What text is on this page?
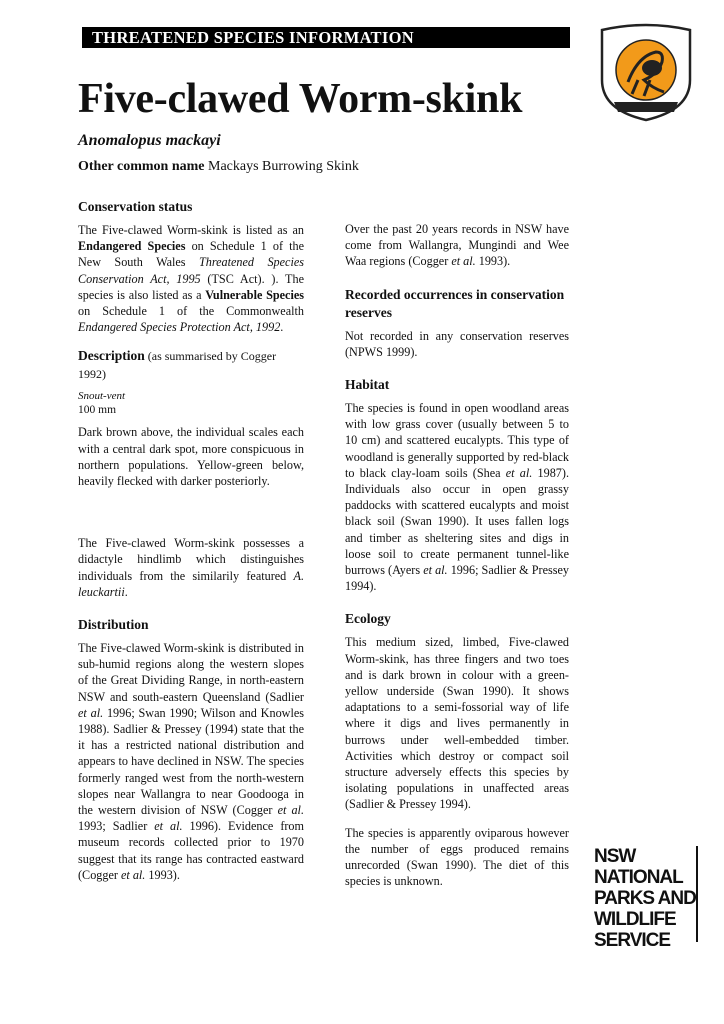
THREATENED SPECIES INFORMATION
Five-clawed Worm-skink
Anomalopus mackayi
Other common name Mackays Burrowing Skink
Conservation status

The Five-clawed Worm-skink is listed as an Endangered Species on Schedule 1 of the New South Wales Threatened Species Conservation Act, 1995 (TSC Act). ). The species is also listed as a Vulnerable Species on Schedule 1 of the Commonwealth Endangered Species Protection Act, 1992.

Description (as summarised by Cogger 1992)
Snout-vent
100 mm

Dark brown above, the individual scales each with a central dark spot, more conspicuous in northern populations. Yellow-green below, heavily flecked with darker posteriorly.

The Five-clawed Worm-skink possesses a didactyle hindlimb which distinguishes individuals from the similarily featured A. leuckartii.

Distribution

The Five-clawed Worm-skink is distributed in sub-humid regions along the western slopes of the Great Dividing Range, in north-eastern NSW and south-eastern Queensland (Sadlier et al. 1996; Swan 1990; Wilson and Knowles 1988). Sadlier & Pressey (1994) state that the it has a restricted national distribution and appears to have declined in NSW. The species formerly ranged west from the north-western slopes near Wallangra to near Goodooga in the western division of NSW (Cogger et al. 1993; Sadlier et al. 1996). Evidence from museum records collected prior to 1970 suggest that its range has contracted eastward (Cogger et al. 1993).

Over the past 20 years records in NSW have come from Wallangra, Mungindi and Wee Waa regions (Cogger et al. 1993).

Recorded occurrences in conservation reserves

Not recorded in any conservation reserves (NPWS 1999).

Habitat

The species is found in open woodland areas with low grass cover (usually between 5 to 10 cm) and scattered eucalypts. This type of woodland is generally supported by red-black to black clay-loam soils (Shea et al. 1987). Individuals also occur in open grassy paddocks with scattered eucalypts and moist black soil (Swan 1990). It uses fallen logs and timber as sheltering sites and digs in loose soil to create permanent tunnel-like burrows (Ayers et al. 1996; Sadlier & Pressey 1994).

Ecology

This medium sized, limbed, Five-clawed Worm-skink, has three fingers and two toes and is dark brown in colour with a green-yellow underside (Swan 1990). It shows adaptations to a semi-fossorial way of life where it digs and lives permanently in burrows under well-embedded timber. Activities which destroy or compact soil structure adversely effects this species by isolating populations in unaffected areas (Sadlier & Pressey 1994).

The species is apparently oviparous however the number of eggs produced remains unrecorded (Swan 1990). The diet of this species is unknown.

NSW
NATIONAL
PARKS AND
WILDLIFE
SERVICE
